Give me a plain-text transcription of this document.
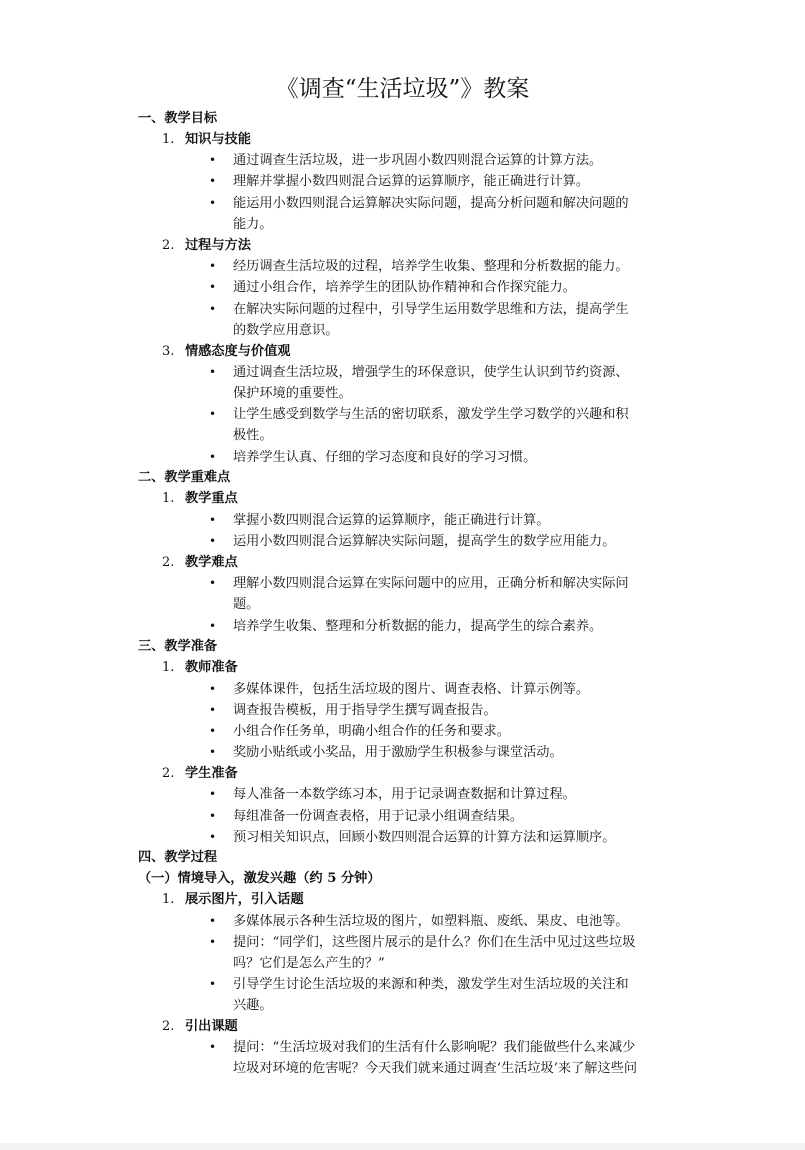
《调查“生活垃圾”》教案
一、教学目标
1. 知识与技能
• 通过调查生活垃圾，进一步巩固小数四则混合运算的计算方法。
• 理解并掌握小数四则混合运算的运算顺序，能正确进行计算。
• 能运用小数四则混合运算解决实际问题，提高分析问题和解决问题的
能力。
2. 过程与方法
• 经历调查生活垃圾的过程，培养学生收集、整理和分析数据的能力。
• 通过小组合作，培养学生的团队协作精神和合作探究能力。
• 在解决实际问题的过程中，引导学生运用数学思维和方法，提高学生
的数学应用意识。
3. 情感态度与价值观
• 通过调查生活垃圾，增强学生的环保意识，使学生认识到节约资源、
保护环境的重要性。
• 让学生感受到数学与生活的密切联系，激发学生学习数学的兴趣和积
极性。
• 培养学生认真、仔细的学习态度和良好的学习习惯。
二、教学重难点
1. 教学重点
• 掌握小数四则混合运算的运算顺序，能正确进行计算。
• 运用小数四则混合运算解决实际问题，提高学生的数学应用能力。
2. 教学难点
• 理解小数四则混合运算在实际问题中的应用，正确分析和解决实际问
题。
• 培养学生收集、整理和分析数据的能力，提高学生的综合素养。
三、教学准备
1. 教师准备
• 多媒体课件，包括生活垃圾的图片、调查表格、计算示例等。
• 调查报告模板，用于指导学生撰写调查报告。
• 小组合作任务单，明确小组合作的任务和要求。
• 奖励小贴纸或小奖品，用于激励学生积极参与课堂活动。
2. 学生准备
• 每人准备一本数学练习本，用于记录调查数据和计算过程。
• 每组准备一份调查表格，用于记录小组调查结果。
• 预习相关知识点，回顾小数四则混合运算的计算方法和运算顺序。
四、教学过程
（一）情境导入，激发兴趣（约 5 分钟）
1. 展示图片，引入话题
• 多媒体展示各种生活垃圾的图片，如塑料瓶、废纸、果皮、电池等。
• 提问：“同学们，这些图片展示的是什么？你们在生活中见过这些垃圾
吗？它们是怎么产生的？”
• 引导学生讨论生活垃圾的来源和种类，激发学生对生活垃圾的关注和
兴趣。
2. 引出课题
• 提问：“生活垃圾对我们的生活有什么影响呢？我们能做些什么来减少
垃圾对环境的危害呢？今天我们就来通过调查‘生活垃圾’来了解这些问
